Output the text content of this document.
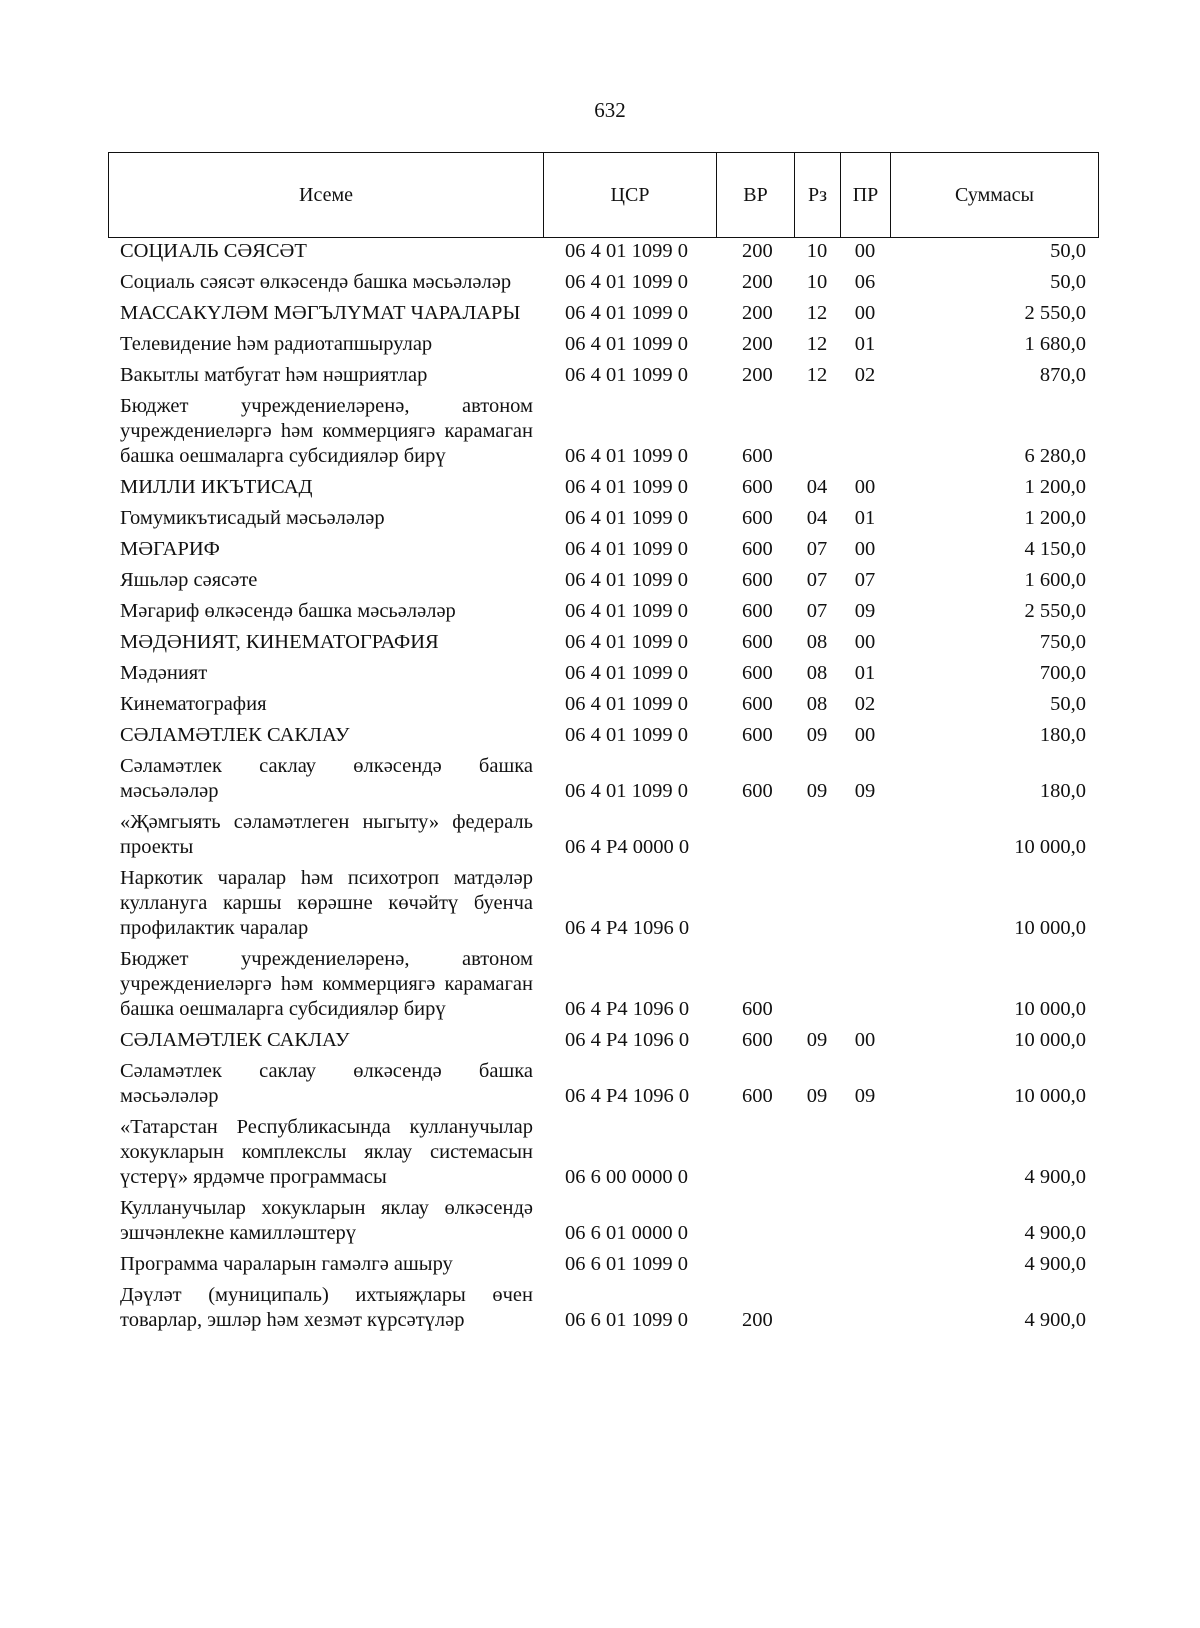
632
Исеме	ЦСР	ВР	Рз	ПР	Суммасы
СОЦИАЛЬ СӘЯСӘТ	06 4 01 1099 0	200	10	00	50,0
Социаль сәясәт өлкәсендә башка мәсьәләләр	06 4 01 1099 0	200	10	06	50,0
МАССАКҮЛӘМ МӘГЪЛҮМАТ ЧАРАЛАРЫ	06 4 01 1099 0	200	12	00	2 550,0
Телевидение һәм радиотапшырулар	06 4 01 1099 0	200	12	01	1 680,0
Вакытлы матбугат һәм нәшриятлар	06 4 01 1099 0	200	12	02	870,0
Бюджет учреждениеләренә, автоном учреждениеләргә һәм коммерциягә карамаган башка оешмаларга субсидияләр бирү	06 4 01 1099 0	600			6 280,0
МИЛЛИ ИКЪТИСАД	06 4 01 1099 0	600	04	00	1 200,0
Гомумикътисадый мәсьәләләр	06 4 01 1099 0	600	04	01	1 200,0
МӘГАРИФ	06 4 01 1099 0	600	07	00	4 150,0
Яшьләр сәясәте	06 4 01 1099 0	600	07	07	1 600,0
Мәгариф өлкәсендә башка мәсьәләләр	06 4 01 1099 0	600	07	09	2 550,0
МӘДӘНИЯТ, КИНЕМАТОГРАФИЯ	06 4 01 1099 0	600	08	00	750,0
Мәдәният	06 4 01 1099 0	600	08	01	700,0
Кинематография	06 4 01 1099 0	600	08	02	50,0
СӘЛАМӘТЛЕК САКЛАУ	06 4 01 1099 0	600	09	00	180,0
Сәламәтлек саклау өлкәсендә башка мәсьәләләр	06 4 01 1099 0	600	09	09	180,0
«Җәмгыять сәламәтлеген ныгыту» федераль проекты	06 4 P4 0000 0				10 000,0
Наркотик чаралар һәм психотроп матдәләр куллануга каршы көрәшне көчәйтү буенча профилактик чаралар	06 4 P4 1096 0				10 000,0
Бюджет учреждениеләренә, автоном учреждениеләргә һәм коммерциягә карамаган башка оешмаларга субсидияләр бирү	06 4 P4 1096 0	600			10 000,0
СӘЛАМӘТЛЕК САКЛАУ	06 4 P4 1096 0	600	09	00	10 000,0
Сәламәтлек саклау өлкәсендә башка мәсьәләләр	06 4 P4 1096 0	600	09	09	10 000,0
«Татарстан Республикасында кулланучылар хокукларын комплекслы яклау системасын үстерү» ярдәмче программасы	06 6 00 0000 0				4 900,0
Кулланучылар хокукларын яклау өлкәсендә эшчәнлекне камилләштерү	06 6 01 0000 0				4 900,0
Программа чараларын гамәлгә ашыру	06 6 01 1099 0				4 900,0
Дәүләт (муниципаль) ихтыяҗлары өчен товарлар, эшләр һәм хезмәт күрсәтүләр	06 6 01 1099 0	200			4 900,0
